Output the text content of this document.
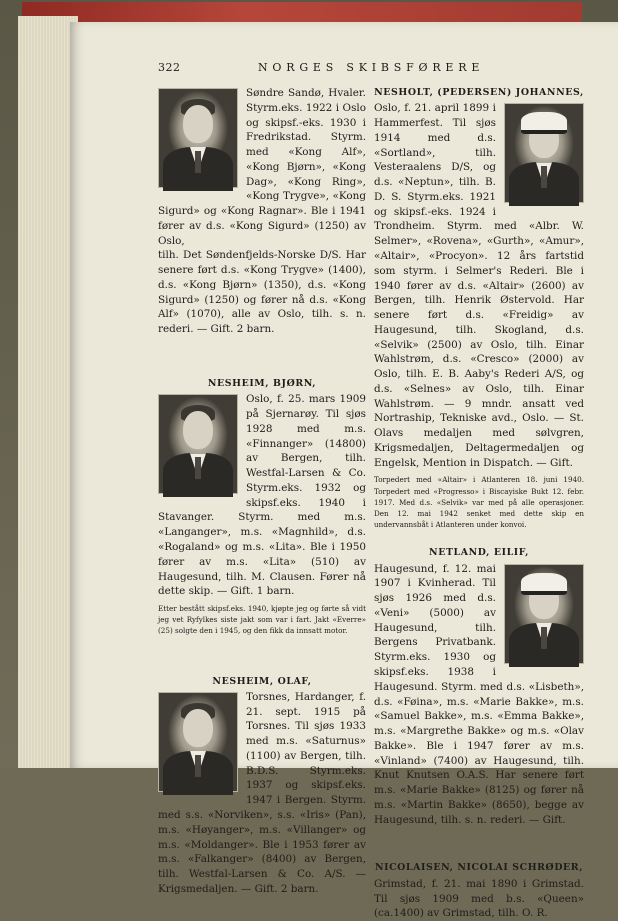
322	NORGES SKIBSFØRERE

Søndre Sandø, Hvaler. Styrm.eks. 1922 i Oslo og skipsf.-eks. 1930 i Fredrikstad. Styrm. med «Kong Alf», «Kong Bjørn», «Kong Dag», «Kong Ring», «Kong Trygve», «Kong Sigurd» og «Kong Ragnar». Ble i 1941 fører av d.s. «Kong Sigurd» (1250) av Oslo,

tilh. Det Søndenfjelds-Norske D/S. Har senere ført d.s. «Kong Trygve» (1400), d.s. «Kong Bjørn» (1350), d.s. «Kong Sigurd» (1250) og fører nå d.s. «Kong Alf» (1070), alle av Oslo, tilh. s. n. rederi. — Gift. 2 barn.

NESHEIM, BJØRN,

Oslo, f. 25. mars 1909 på Sjernarøy. Til sjøs 1928 med m.s. «Finnanger» (14800) av Bergen, tilh. Westfal-Larsen & Co. Styrm.eks. 1932 og skipsf.eks. 1940 i Stavanger. Styrm. med m.s. «Langanger», m.s. «Magnhild», d.s. «Rogaland» og m.s. «Lita». Ble i 1950 fører av m.s. «Lita» (510) av Haugesund, tilh. M. Clausen. Fører nå dette skip. — Gift. 1 barn.

Etter bestått skipsf.eks. 1940, kjøpte jeg og førte så vidt jeg vet Ryfylkes siste jakt som var i fart. Jakt «Everre» (25) solgte den i 1945, og den fikk da innsatt motor.

NESHEIM, OLAF,

Torsnes, Hardanger, f. 21. sept. 1915 på Torsnes. Til sjøs 1933 med m.s. «Saturnus» (1100) av Bergen, tilh. B.D.S. Styrm.eks. 1937 og skipsf.eks. 1947 i Bergen. Styrm. med s.s. «Norviken», s.s. «Iris» (Pan), m.s. «Høyanger», m.s. «Villanger» og m.s. «Moldanger». Ble i 1953 fører av m.s. «Falkanger» (8400) av Bergen, tilh. Westfal-Larsen & Co. A/S. — Krigsmedaljen. — Gift. 2 barn.

NESHOLT, (PEDERSEN) JOHANNES,

Oslo, f. 21. april 1899 i Hammerfest. Til sjøs 1914 med d.s. «Sortland», tilh. Vesteraalens D/S, og d.s. «Neptun», tilh. B. D. S. Styrm.eks. 1921 og skipsf.-eks. 1924 i Trondheim. Styrm. med «Albr. W. Selmer», «Rovena», «Gurth», «Amur», «Altair», «Procyon». 12 års fartstid som styrm. i Selmer's Rederi. Ble i 1940 fører av d.s. «Altair» (2600) av Bergen, tilh. Henrik Østervold. Har senere ført d.s. «Freidig» av Haugesund, tilh. Skogland, d.s. «Selvik» (2500) av Oslo, tilh. Einar Wahlstrøm, d.s. «Cresco» (2000) av Oslo, tilh. E. B. Aaby's Rederi A/S, og d.s. «Selnes» av Oslo, tilh. Einar Wahlstrøm. — 9 mndr. ansatt ved Nortraship, Tekniske avd., Oslo. — St. Olavs medaljen med sølvgren, Krigsmedaljen, Deltagermedaljen og Engelsk, Mention in Dispatch. — Gift.

Torpedert med «Altair» i Atlanteren 18. juni 1940. Torpedert med «Progresso» i Biscayiske Bukt 12. febr. 1917. Med d.s. «Selvik» var med på alle operasjoner. Den 12. mai 1942 senket med dette skip en undervannsbåt i Atlanteren under konvoi.

NETLAND, EILIF,

Haugesund, f. 12. mai 1907 i Kvinherad. Til sjøs 1926 med d.s. «Veni» (5000) av Haugesund, tilh. Bergens Privatbank. Styrm.eks. 1930 og skipsf.eks. 1938 i Haugesund. Styrm. med d.s. «Lisbeth», d.s. «Føina», m.s. «Marie Bakke», m.s. «Samuel Bakke», m.s. «Emma Bakke», m.s. «Margrethe Bakke» og m.s. «Olav Bakke». Ble i 1947 fører av m.s. «Vinland» (7400) av Haugesund, tilh. Knut Knutsen O.A.S. Har senere ført m.s. «Marie Bakke» (8125) og fører nå m.s. «Martin Bakke» (8650), begge av Haugesund, tilh. s. n. rederi. — Gift.

NICOLAISEN, NICOLAI SCHRØDER,

Grimstad, f. 21. mai 1890 i Grimstad. Til sjøs 1909 med b.s. «Queen» (ca.1400) av Grimstad, tilh. O. R.
